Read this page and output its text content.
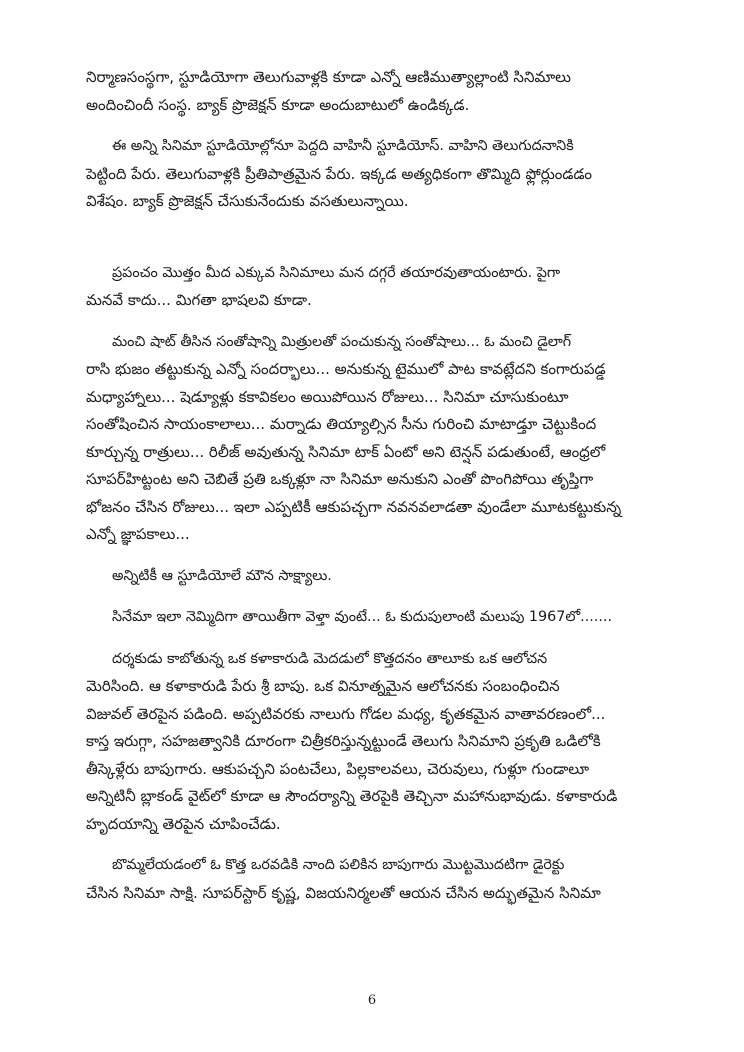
నిర్మాణసంస్థగా, స్టూడియోగా తెలుగువాళ్లకి కూడా ఎన్నో ఆణిముత్యాల్లాంటి సినిమాలు
అందించిందీ సంస్థ. బ్యాక్ ప్రొజెక్షన్ కూడా అందుబాటులో ఉండిక్కడ.

ఈ అన్ని సినిమా స్టూడియోల్లోనూ పెద్దది వాహినీ స్టూడియోస్. వాహిని తెలుగుదనానికి
పెట్టింది పేరు. తెలుగువాళ్లకి ప్రీతిపాత్రమైన పేరు. ఇక్కడ అత్యధికంగా తొమ్మిది ఫ్లోర్లుండడం
విశేషం. బ్యాక్ ప్రొజెక్షన్ చేసుకునేందుకు వసతులున్నాయి.

ప్రపంచం మొత్తం మీద ఎక్కువ సినిమాలు మన దగ్గరే తయారవుతాయంటారు. పైగా
మనవే కాదు... మిగతా భాషలవి కూడా.

మంచి షాట్ తీసిన సంతోషాన్ని మిత్రులతో పంచుకున్న సంతోషాలు... ఓ మంచి డైలాగ్
రాసి భుజం తట్టుకున్న ఎన్నో సందర్భాలు... అనుకున్న టైములో పాట కావట్లేదని కంగారుపడ్డ
మధ్యాహ్నాలు... షెడ్యూళ్లు కకావికలం అయిపోయిన రోజులు... సినిమా చూసుకుంటూ
సంతోషించిన సాయంకాలాలు... మర్నాడు తియ్యాల్సిన సీను గురించి మాటాడ్తూ చెట్టుకింద
కూర్చున్న రాత్రులు... రిలీజ్ అవుతున్న సినిమా టాక్ ఏంటో అని టెన్షన్ పడుతుంటే, ఆంధ్రలో
సూపర్‌హిట్టంట అని చెబితే ప్రతి ఒక్కళ్లూ నా సినిమా అనుకుని ఎంతో పొంగిపోయి తృప్తిగా
భోజనం చేసిన రోజులు... ఇలా ఎప్పటికీ ఆకుపచ్చగా నవనవలాడతా వుండేలా మూటకట్టుకున్న
ఎన్నో జ్ఞాపకాలు...

అన్నిటికీ ఆ స్టూడియోలే మౌన సాక్ష్యాలు.

సినేమా ఇలా నెమ్మిదిగా తాయితీగా వెళ్తా వుంటే... ఓ కుదుపులాంటి మలుపు 1967లో.......

దర్శకుడు కాబోతున్న ఒక కళాకారుడి మెదడులో కొత్తదనం తాలూకు ఒక ఆలోచన
మెరిసింది. ఆ కళాకారుడి పేరు శ్రీ బాపు. ఒక వినూత్నమైన ఆలోచనకు సంబంధించిన
విజువల్ తెరపైన పడింది. అప్పటివరకు నాలుగు గోడల మధ్య, కృతకమైన వాతావరణంలో...
కాస్త ఇరుగ్గా, సహజత్వానికి దూరంగా చిత్రీకరిస్తున్నట్టుండే తెలుగు సినిమాని ప్రకృతి ఒడిలోకి
తీస్కెళ్లేరు బాపుగారు. ఆకుపచ్చని పంటచేలు, పిల్లకాలవలు, చెరువులు, గుళ్లూ గుండాలూ
అన్నిటినీ బ్లాకండ్ వైట్‌లో కూడా ఆ సౌందర్యాన్ని తెరపైకి తెచ్చినా మహానుభావుడు. కళాకారుడి
హృదయాన్ని తెరపైన చూపించేడు.

బొమ్మలేయడంలో ఓ కొత్త ఒరవడికి నాంది పలికిన బాపుగారు మొట్టమొదటిగా డైరెక్టు
చేసిన సినిమా సాక్షి. సూపర్‌స్టార్ కృష్ణ, విజయనిర్మలతో ఆయన చేసిన అద్భుతమైన సినిమా

6
